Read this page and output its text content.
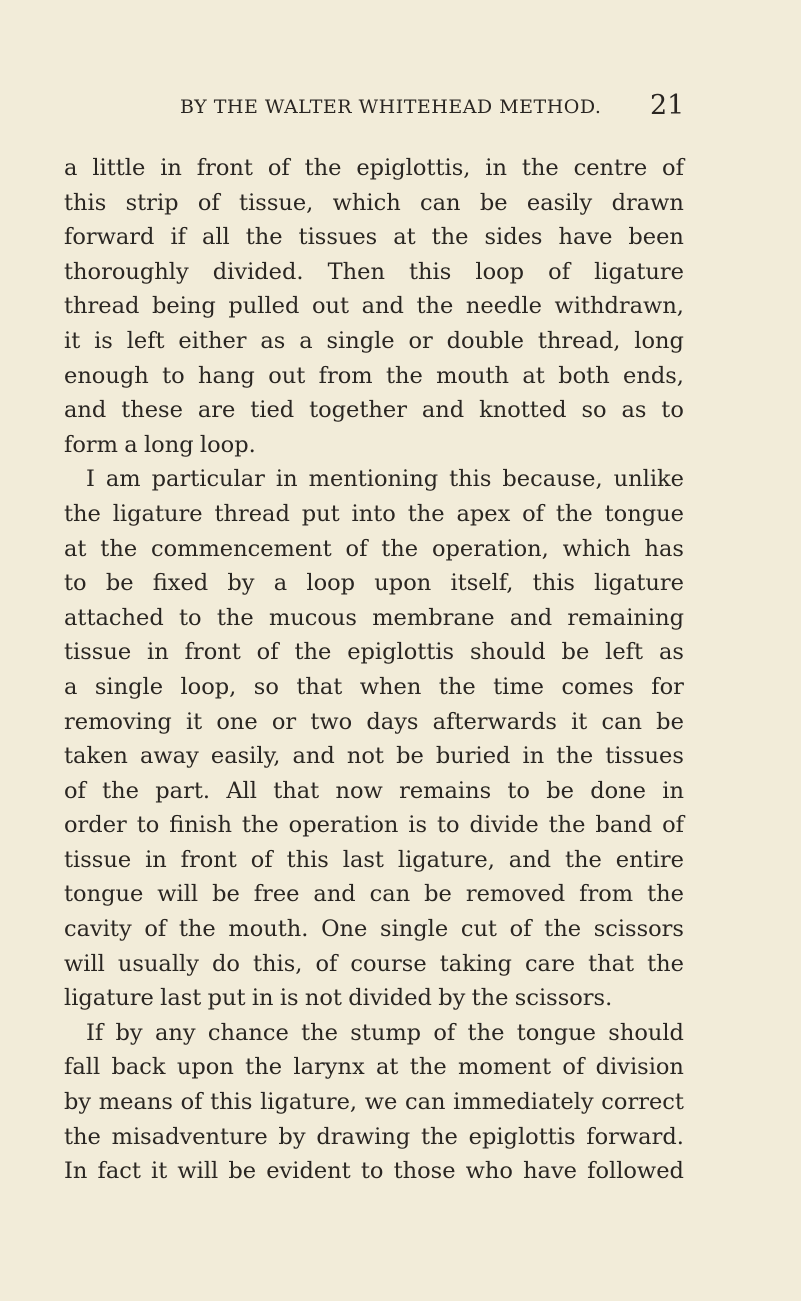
BY THE WALTER WHITEHEAD METHOD. 21
a little in front of the epiglottis, in the centre of
this strip of tissue, which can be easily drawn
forward if all the tissues at the sides have been
thoroughly divided. Then this loop of ligature
thread being pulled out and the needle withdrawn,
it is left either as a single or double thread, long
enough to hang out from the mouth at both ends,
and these are tied together and knotted so as to
form a long loop.
I am particular in mentioning this because, unlike
the ligature thread put into the apex of the tongue
at the commencement of the operation, which has
to be fixed by a loop upon itself, this ligature
attached to the mucous membrane and remaining
tissue in front of the epiglottis should be left as
a single loop, so that when the time comes for
removing it one or two days afterwards it can be
taken away easily, and not be buried in the tissues
of the part. All that now remains to be done in
order to finish the operation is to divide the band of
tissue in front of this last ligature, and the entire
tongue will be free and can be removed from the
cavity of the mouth. One single cut of the scissors
will usually do this, of course taking care that the
ligature last put in is not divided by the scissors.
If by any chance the stump of the tongue should
fall back upon the larynx at the moment of division
by means of this ligature, we can immediately correct
the misadventure by drawing the epiglottis forward.
In fact it will be evident to those who have followed
